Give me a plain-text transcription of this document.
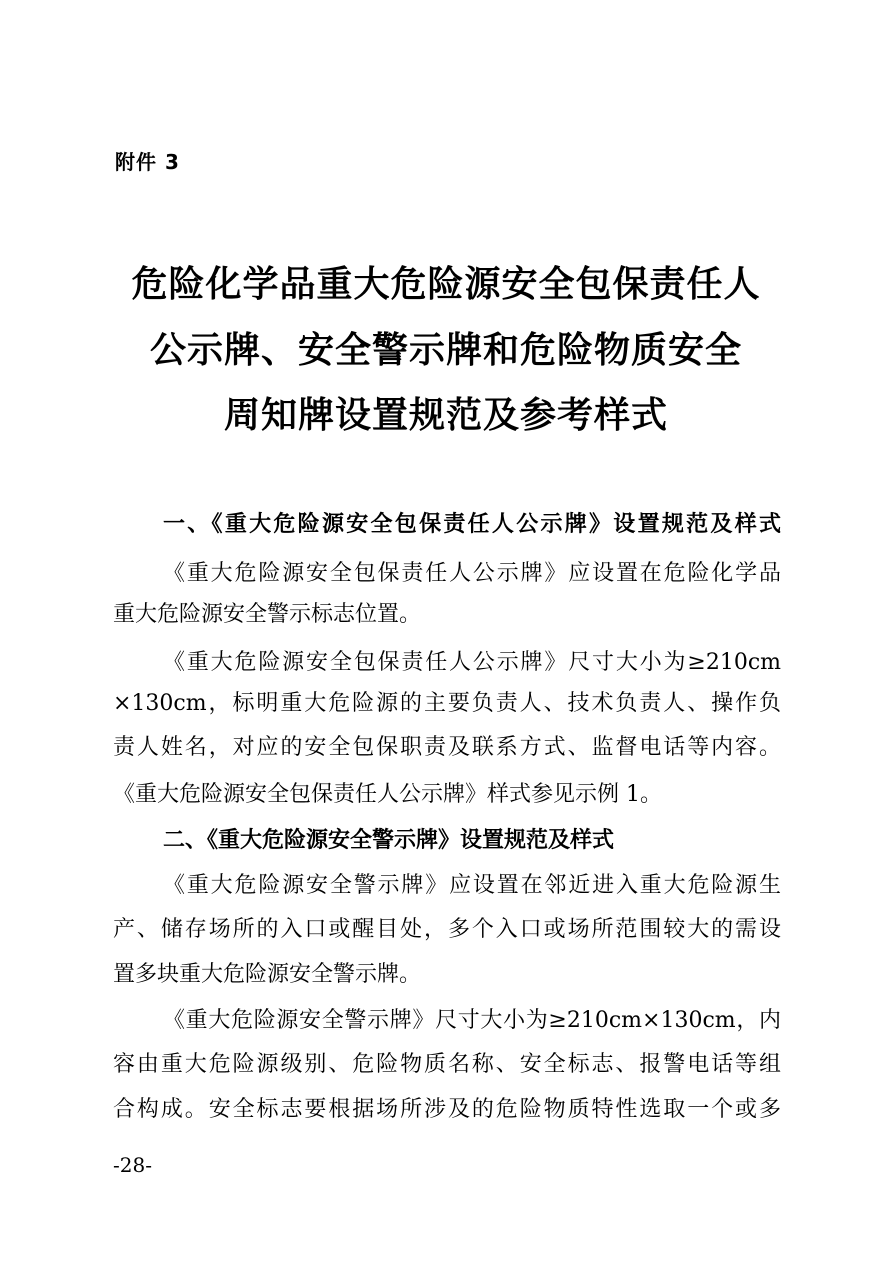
附件 3
危险化学品重大危险源安全包保责任人
公示牌、安全警示牌和危险物质安全
周知牌设置规范及参考样式
一、《重大危险源安全包保责任人公示牌》设置规范及样式
《重大危险源安全包保责任人公示牌》应设置在危险化学品
重大危险源安全警示标志位置。
《重大危险源安全包保责任人公示牌》尺寸大小为≥210cm
×130cm，标明重大危险源的主要负责人、技术负责人、操作负
责人姓名，对应的安全包保职责及联系方式、监督电话等内容。
《重大危险源安全包保责任人公示牌》样式参见示例 1。
二、《重大危险源安全警示牌》设置规范及样式
《重大危险源安全警示牌》应设置在邻近进入重大危险源生
产、储存场所的入口或醒目处，多个入口或场所范围较大的需设
置多块重大危险源安全警示牌。
《重大危险源安全警示牌》尺寸大小为≥210cm×130cm，内
容由重大危险源级别、危险物质名称、安全标志、报警电话等组
合构成。安全标志要根据场所涉及的危险物质特性选取一个或多
-28-
